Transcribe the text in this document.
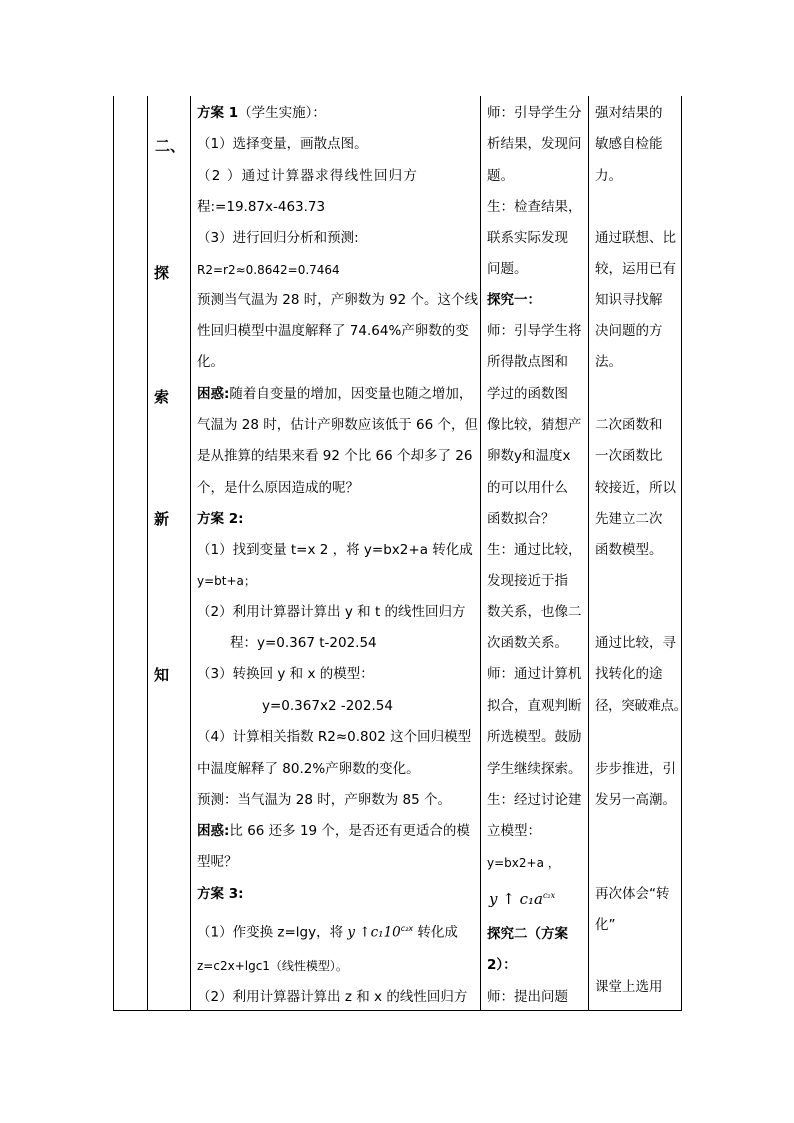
二、
探
索
新
知
方案 1（学生实施）：
（1）选择变量，画散点图。
（2 ）通过计算器求得线性回归方
程:=19.87x-463.73
（3）进行回归分析和预测:
R2=r2≈0.8642=0.7464
预测当气温为 28 时，产卵数为 92 个。这个线
性回归模型中温度解释了 74.64%产卵数的变
化。
困惑:随着自变量的增加，因变量也随之增加，
气温为 28 时，估计产卵数应该低于 66 个，但
是从推算的结果来看 92 个比 66 个却多了 26
个，是什么原因造成的呢？
方案 2:
（1）找到变量 t=x 2 ，将 y=bx2+a 转化成
y=bt+a；
（2）利用计算器计算出 y 和 t 的线性回归方
程：y=0.367 t-202.54
（3）转换回 y 和 x 的模型：
y=0.367x2 -202.54
（4）计算相关指数 R2≈0.802 这个回归模型
中温度解释了 80.2%产卵数的变化。
预测：当气温为 28 时，产卵数为 85 个。
困惑:比 66 还多 19 个，是否还有更适合的模
型呢？
方案 3:
（1）作变换 z=lgy，将 y $↑c_110^{c_2x}$ 转化成
z=c2x+lgc1（线性模型）。
（2）利用计算器计算出 z 和 x 的线性回归方
师：引导学生分
析结果，发现问
题。
生：检查结果，
联系实际发现
问题。
探究一：
师：引导学生将
所得散点图和
学过的函数图
像比较，猜想产
卵数y和温度x
的可以用什么
函数拟合？
生：通过比较，
发现接近于指
数关系，也像二
次函数关系。
师：通过计算机
拟合，直观判断
所选模型。鼓励
学生继续探索。
生：经过讨论建
立模型：
y=bx2+a ，
y ↑ $c_1a^{c_2x}$
探究二（方案
2）：
师：提出问题
强对结果的
敏感自检能
力。
通过联想、比
较，运用已有
知识寻找解
决问题的方
法。
二次函数和
一次函数比
较接近，所以
先建立二次
函数模型。
通过比较，寻
找转化的途
径，突破难点。
步步推进，引
发另一高潮。
再次体会“转
化”
课堂上选用
